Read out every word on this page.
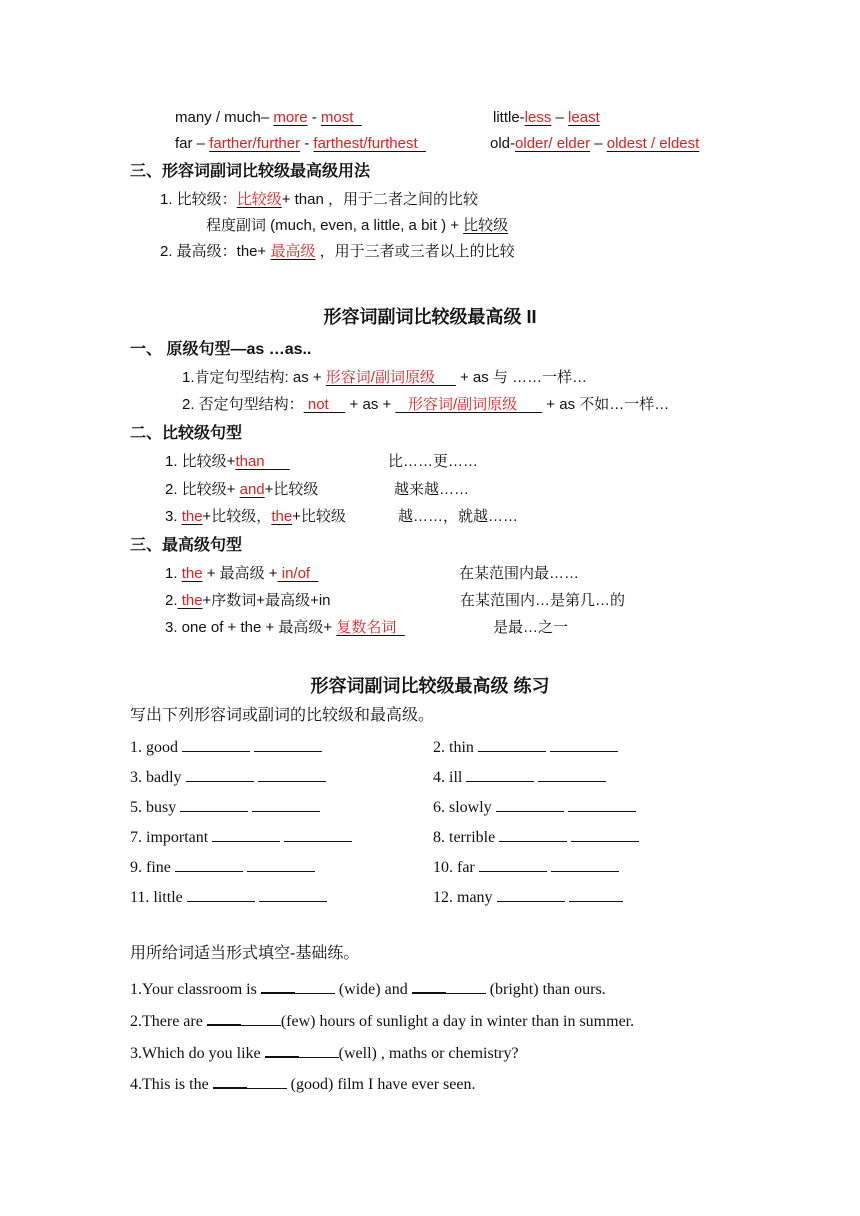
many / much– more - most	little-less – least
far – farther/further - farthest/furthest	old-older/ elder – oldest / eldest
三、形容词副词比较级最高级用法
1. 比较级：比较级+ than ，用于二者之间的比较
程度副词 (much, even, a little, a bit ) + 比较级
2. 最高级：the+ 最高级 ，用于三者或三者以上的比较
形容词副词比较级最高级 II
一、 原级句型—as …as..
1.肯定句型结构: as + 形容词/副词原级      + as 与 ……一样…
2. 否定句型结构： not     + as +    形容词/副词原级       + as 不如…一样…
二、比较级句型
1. 比较级+than	比……更……
2. 比较级+ and+比较级	越来越……
3. the+比较级，the+比较级	越……，就越……
三、最高级句型
1. the + 最高级 + in/of	在某范围内最……
2. the+序数词+最高级+in	在某范围内…是第几…的
3. one of + the + 最高级+ 复数名词	是最…之一
形容词副词比较级最高级 练习
写出下列形容词或副词的比较级和最高级。
1. good	2. thin
3. badly	4. ill
5. busy	6. slowly
7. important	8. terrible
9. fine	10. far
11. little	12. many
用所给词适当形式填空-基础练。
1.Your classroom is	(wide) and	(bright) than ours.
2.There are	(few) hours of sunlight a day in winter than in summer.
3.Which do you like	(well) , maths or chemistry?
4.This is the	(good) film I have ever seen.
